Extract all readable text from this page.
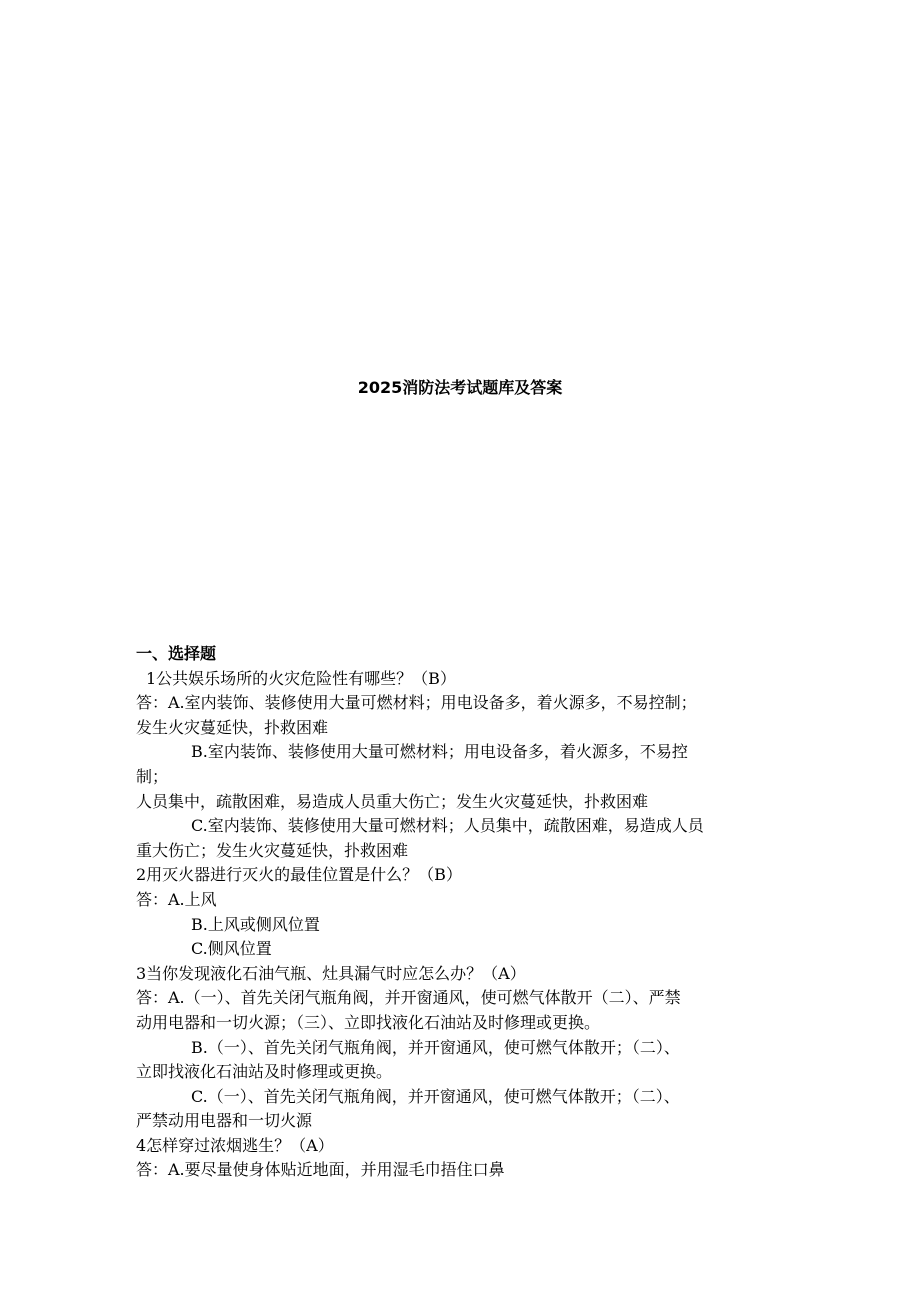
2025消防法考试题库及答案
一、选择题
1公共娱乐场所的火灾危险性有哪些？（B）
答：A.室内装饰、装修使用大量可燃材料；用电设备多，着火源多，不易控制；
发生火灾蔓延快，扑救困难
B.室内装饰、装修使用大量可燃材料；用电设备多，着火源多，不易控
制；
人员集中，疏散困难，易造成人员重大伤亡；发生火灾蔓延快，扑救困难
C.室内装饰、装修使用大量可燃材料；人员集中，疏散困难，易造成人员
重大伤亡；发生火灾蔓延快，扑救困难
2用灭火器进行灭火的最佳位置是什么？（B）
答：A.上风
B.上风或侧风位置
C.侧风位置
3当你发现液化石油气瓶、灶具漏气时应怎么办？（A）
答：A.（一）、首先关闭气瓶角阀，并开窗通风，使可燃气体散开（二）、严禁
动用电器和一切火源；（三）、立即找液化石油站及时修理或更换。
B.（一）、首先关闭气瓶角阀，并开窗通风，使可燃气体散开；（二）、
立即找液化石油站及时修理或更换。
C.（一）、首先关闭气瓶角阀，并开窗通风，使可燃气体散开；（二）、
严禁动用电器和一切火源
4怎样穿过浓烟逃生？（A）
答：A.要尽量使身体贴近地面，并用湿毛巾捂住口鼻
